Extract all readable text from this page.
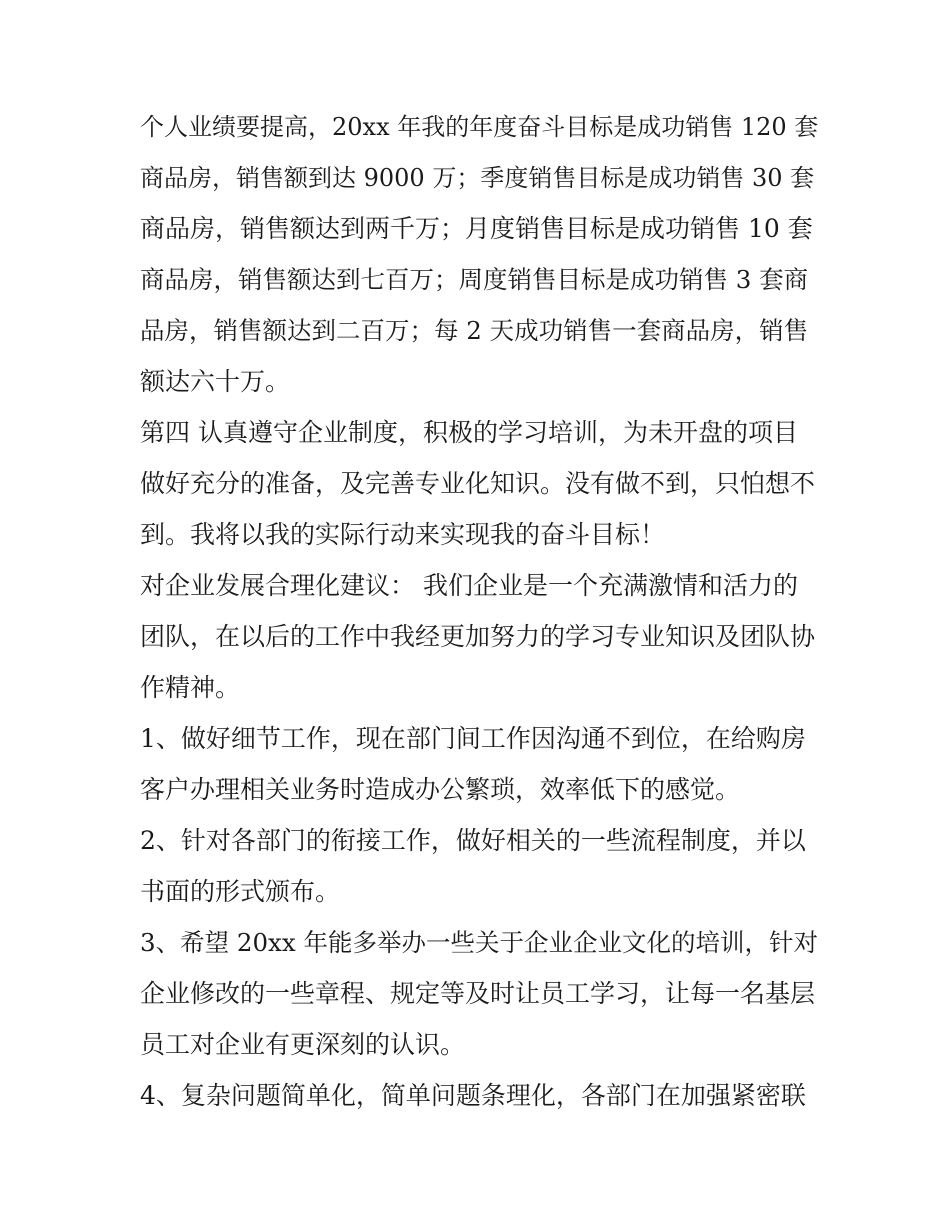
个人业绩要提高，20xx 年我的年度奋斗目标是成功销售 120 套
商品房，销售额到达 9000 万；季度销售目标是成功销售 30 套
商品房，销售额达到两千万；月度销售目标是成功销售 10 套
商品房，销售额达到七百万；周度销售目标是成功销售 3 套商
品房，销售额达到二百万；每 2 天成功销售一套商品房，销售
额达六十万。
第四 认真遵守企业制度，积极的学习培训，为未开盘的项目
做好充分的准备，及完善专业化知识。没有做不到，只怕想不
到。我将以我的实际行动来实现我的奋斗目标！
对企业发展合理化建议： 我们企业是一个充满激情和活力的
团队，在以后的工作中我经更加努力的学习专业知识及团队协
作精神。
1、做好细节工作，现在部门间工作因沟通不到位，在给购房
客户办理相关业务时造成办公繁琐，效率低下的感觉。
2、针对各部门的衔接工作，做好相关的一些流程制度，并以
书面的形式颁布。
3、希望 20xx 年能多举办一些关于企业企业文化的培训，针对
企业修改的一些章程、规定等及时让员工学习，让每一名基层
员工对企业有更深刻的认识。
4、复杂问题简单化，简单问题条理化，各部门在加强紧密联
